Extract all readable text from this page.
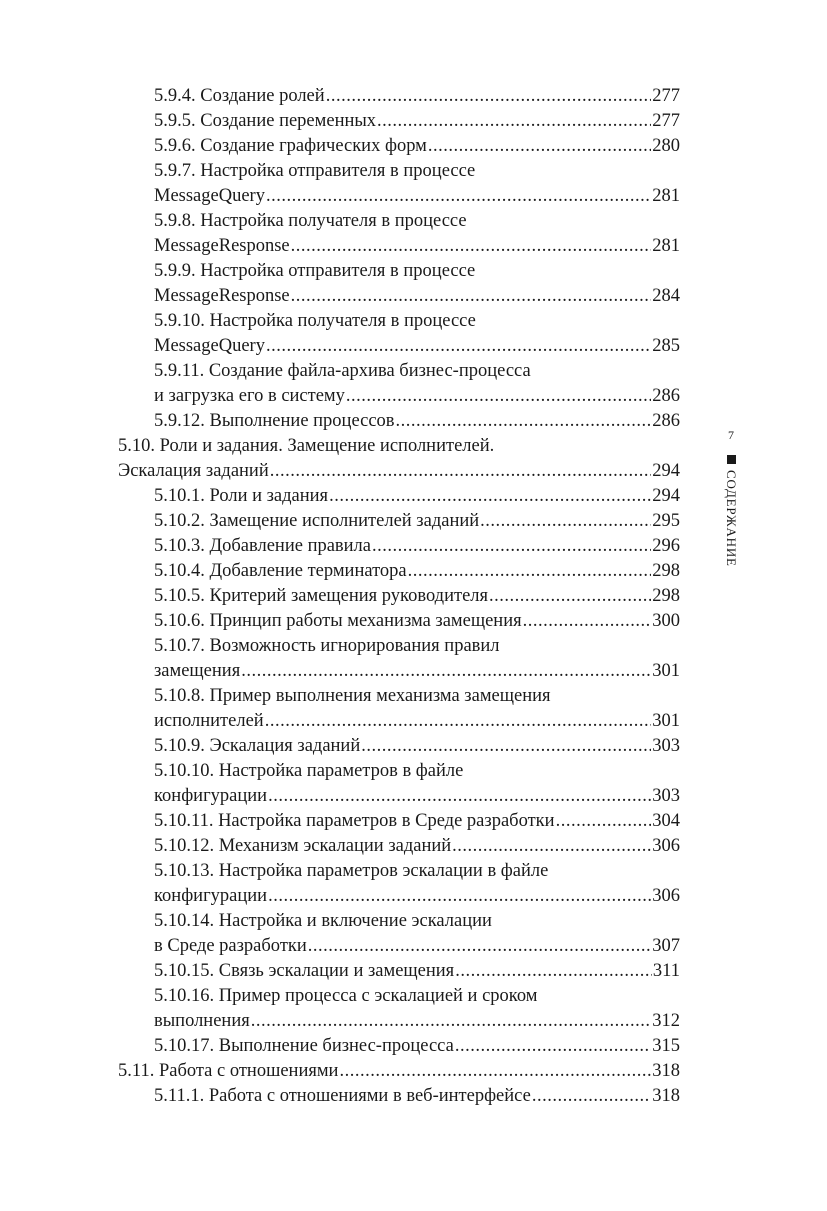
5.9.4. Создание ролей .....	277
5.9.5. Создание переменных .....	277
5.9.6. Создание графических форм .....	280
5.9.7. Настройка отправителя в процессе
MessageQuery .....	281
5.9.8. Настройка получателя в процессе
MessageResponse .....	281
5.9.9. Настройка отправителя в процессе
MessageResponse .....	284
5.9.10. Настройка получателя в процессе
MessageQuery .....	285
5.9.11. Создание файла-архива бизнес-процесса
и загрузка его в систему .....	286
5.9.12. Выполнение процессов .....	286
5.10. Роли и задания. Замещение исполнителей.
Эскалация заданий .....	294
5.10.1. Роли и задания .....	294
5.10.2. Замещение исполнителей заданий .....	295
5.10.3. Добавление правила .....	296
5.10.4. Добавление терминатора .....	298
5.10.5. Критерий замещения руководителя .....	298
5.10.6. Принцип работы механизма замещения .....	300
5.10.7. Возможность игнорирования правил
замещения .....	301
5.10.8. Пример выполнения механизма замещения
исполнителей .....	301
5.10.9. Эскалация заданий .....	303
5.10.10. Настройка параметров в файле
конфигурации .....	303
5.10.11. Настройка параметров в Среде разработки .....	304
5.10.12. Механизм эскалации заданий .....	306
5.10.13. Настройка параметров эскалации в файле
конфигурации .....	306
5.10.14. Настройка и включение эскалации
в Среде разработки .....	307
5.10.15. Связь эскалации и замещения .....	311
5.10.16. Пример процесса с эскалацией и сроком
выполнения .....	312
5.10.17. Выполнение бизнес-процесса .....	315
5.11. Работа с отношениями .....	318
5.11.1. Работа с отношениями в веб-интерфейсе .....	318
7
СОДЕРЖАНИЕ
